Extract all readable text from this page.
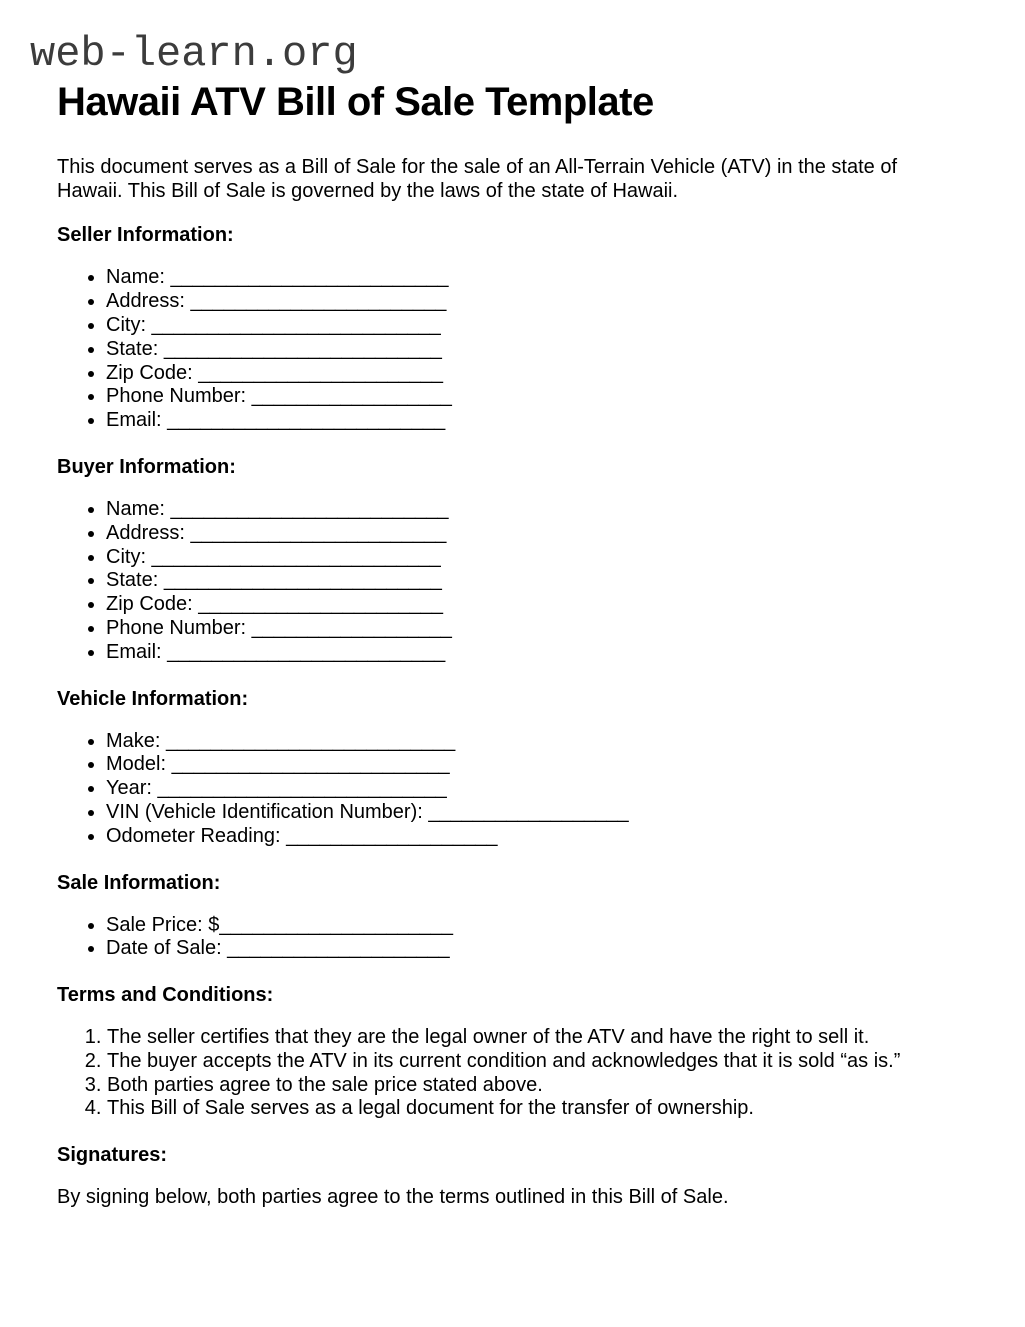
web-learn.org
Hawaii ATV Bill of Sale Template

This document serves as a Bill of Sale for the sale of an All-Terrain Vehicle (ATV) in the state of Hawaii. This Bill of Sale is governed by the laws of the state of Hawaii.

Seller Information:
• Name: _________________________
• Address: _______________________
• City: __________________________
• State: _________________________
• Zip Code: ______________________
• Phone Number: __________________
• Email: _________________________
Buyer Information:
• Name: _________________________
• Address: _______________________
• City: __________________________
• State: _________________________
• Zip Code: ______________________
• Phone Number: __________________
• Email: _________________________
Vehicle Information:
• Make: __________________________
• Model: _________________________
• Year: __________________________
• VIN (Vehicle Identification Number): __________________
• Odometer Reading: ___________________
Sale Information:
• Sale Price: $_____________________
• Date of Sale: ____________________
Terms and Conditions:
1. The seller certifies that they are the legal owner of the ATV and have the right to sell it.
2. The buyer accepts the ATV in its current condition and acknowledges that it is sold “as is.”
3. Both parties agree to the sale price stated above.
4. This Bill of Sale serves as a legal document for the transfer of ownership.
Signatures:

By signing below, both parties agree to the terms outlined in this Bill of Sale.
